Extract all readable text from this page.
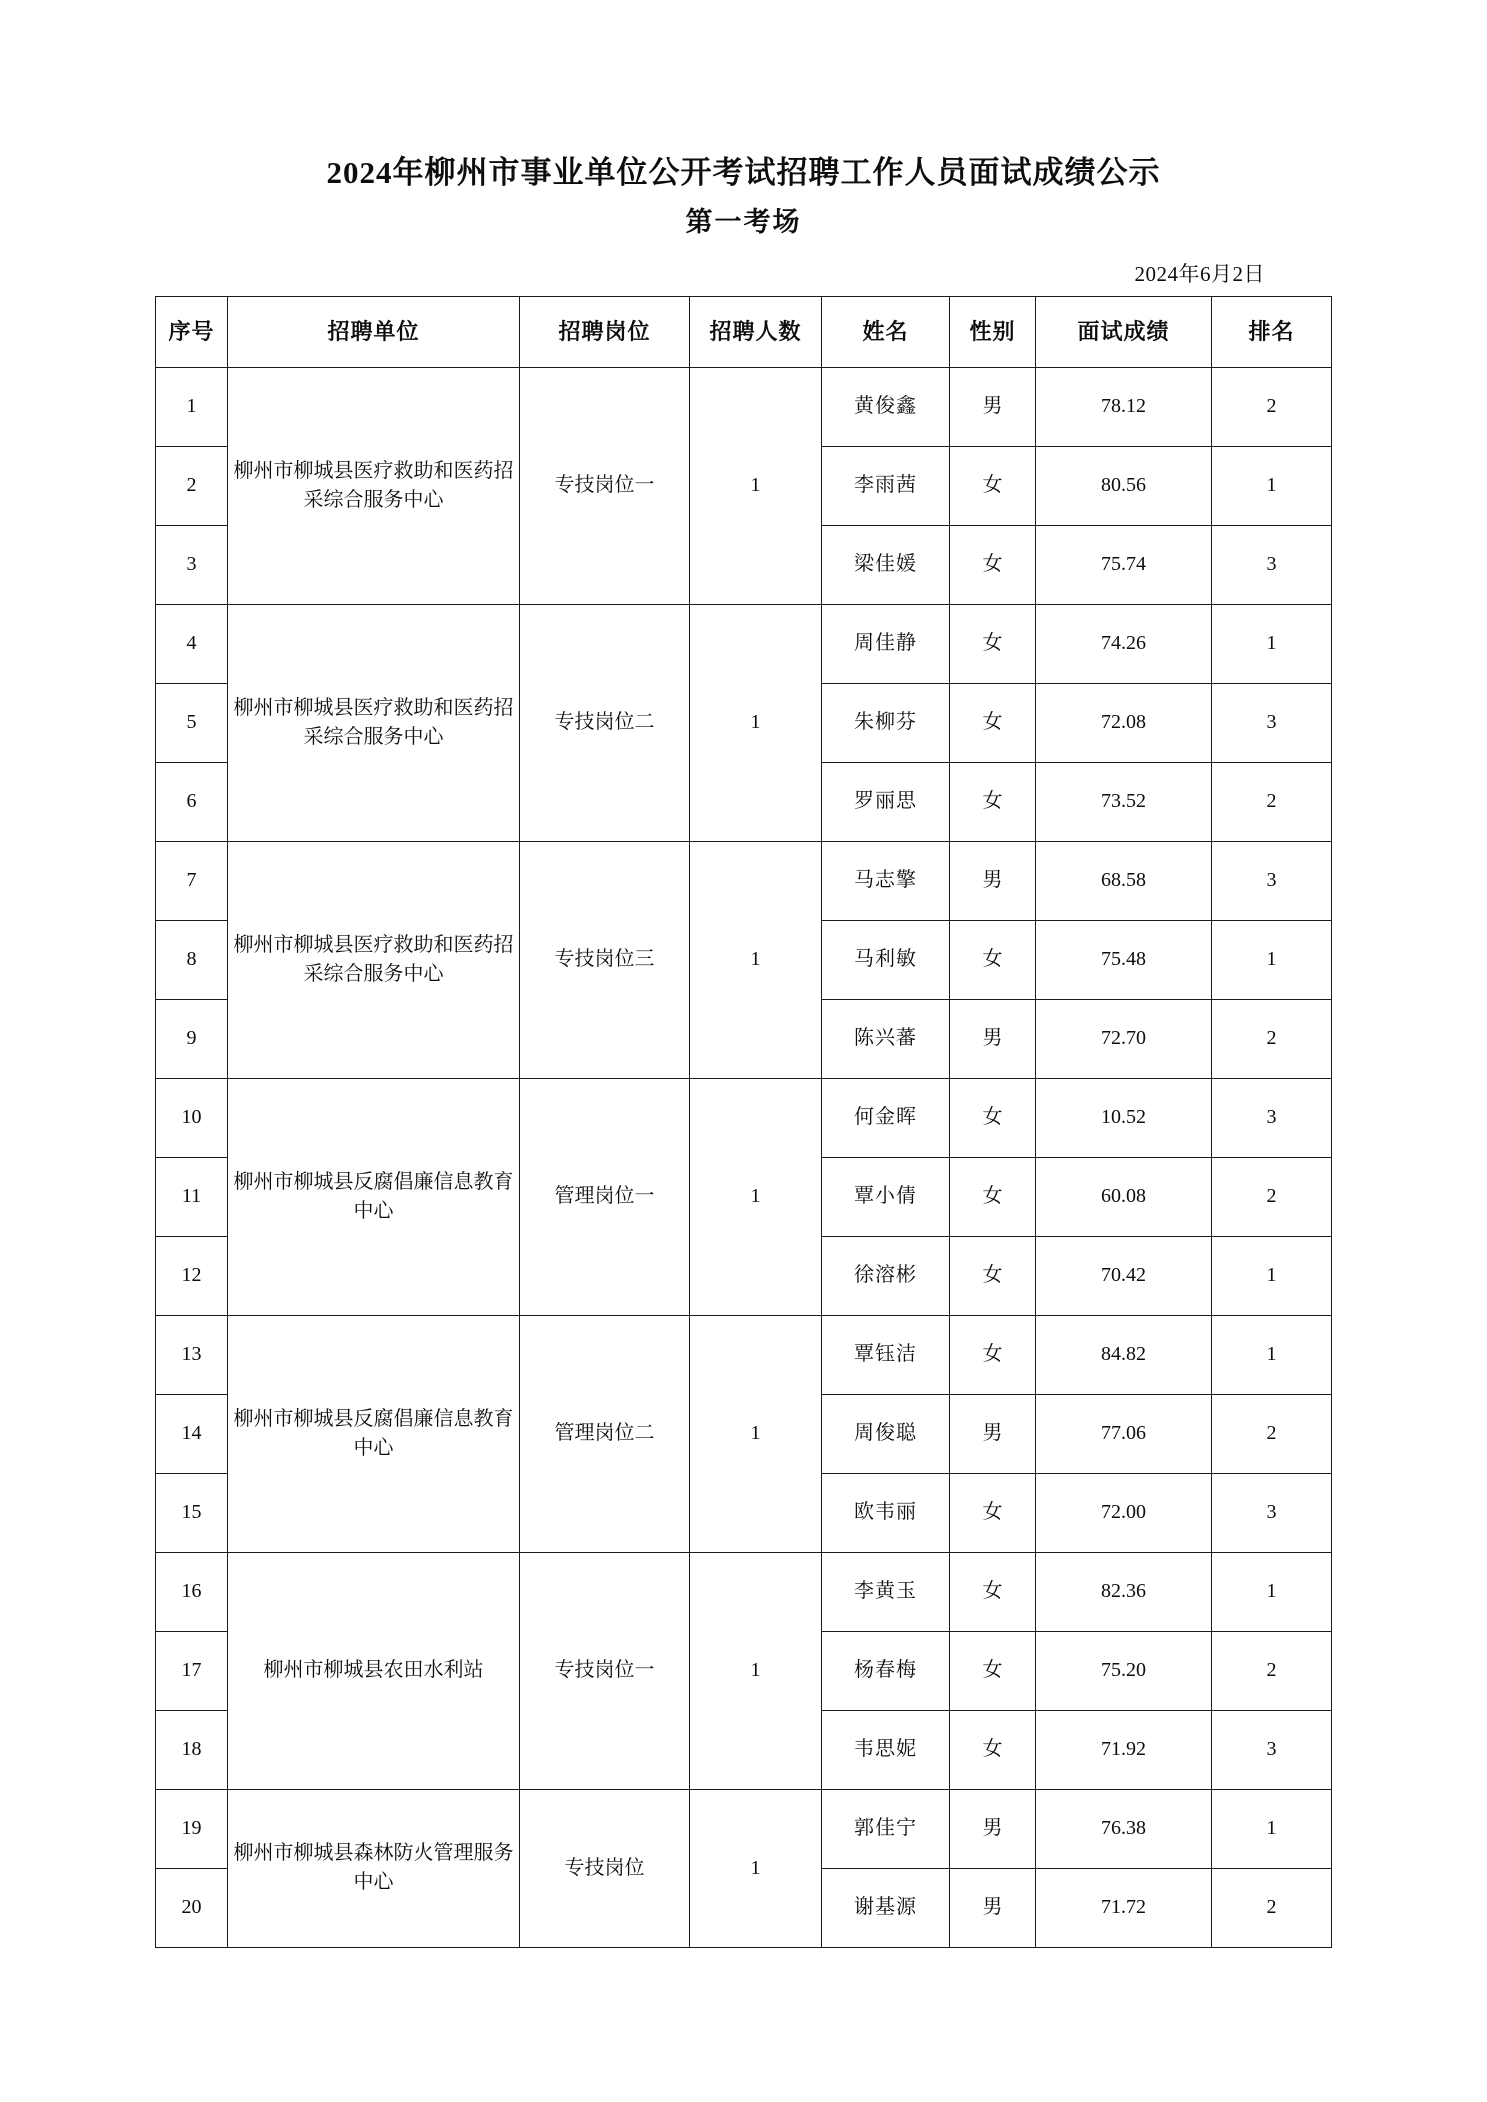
2024年柳州市事业单位公开考试招聘工作人员面试成绩公示
第一考场
2024年6月2日
序号	招聘单位	招聘岗位	招聘人数	姓名	性别	面试成绩	排名
1	柳州市柳城县医疗救助和医药招采综合服务中心	专技岗位一	1	黄俊鑫	男	78.12	2
2				李雨茜	女	80.56	1
3				梁佳媛	女	75.74	3
4	柳州市柳城县医疗救助和医药招采综合服务中心	专技岗位二	1	周佳静	女	74.26	1
5				朱柳芬	女	72.08	3
6				罗丽思	女	73.52	2
7	柳州市柳城县医疗救助和医药招采综合服务中心	专技岗位三	1	马志擎	男	68.58	3
8				马利敏	女	75.48	1
9				陈兴蕃	男	72.70	2
10	柳州市柳城县反腐倡廉信息教育中心	管理岗位一	1	何金晖	女	10.52	3
11				覃小倩	女	60.08	2
12				徐溶彬	女	70.42	1
13	柳州市柳城县反腐倡廉信息教育中心	管理岗位二	1	覃钰洁	女	84.82	1
14				周俊聪	男	77.06	2
15				欧韦丽	女	72.00	3
16	柳州市柳城县农田水利站	专技岗位一	1	李黄玉	女	82.36	1
17				杨春梅	女	75.20	2
18				韦思妮	女	71.92	3
19	柳州市柳城县森林防火管理服务中心	专技岗位	1	郭佳宁	男	76.38	1
20				谢基源	男	71.72	2
